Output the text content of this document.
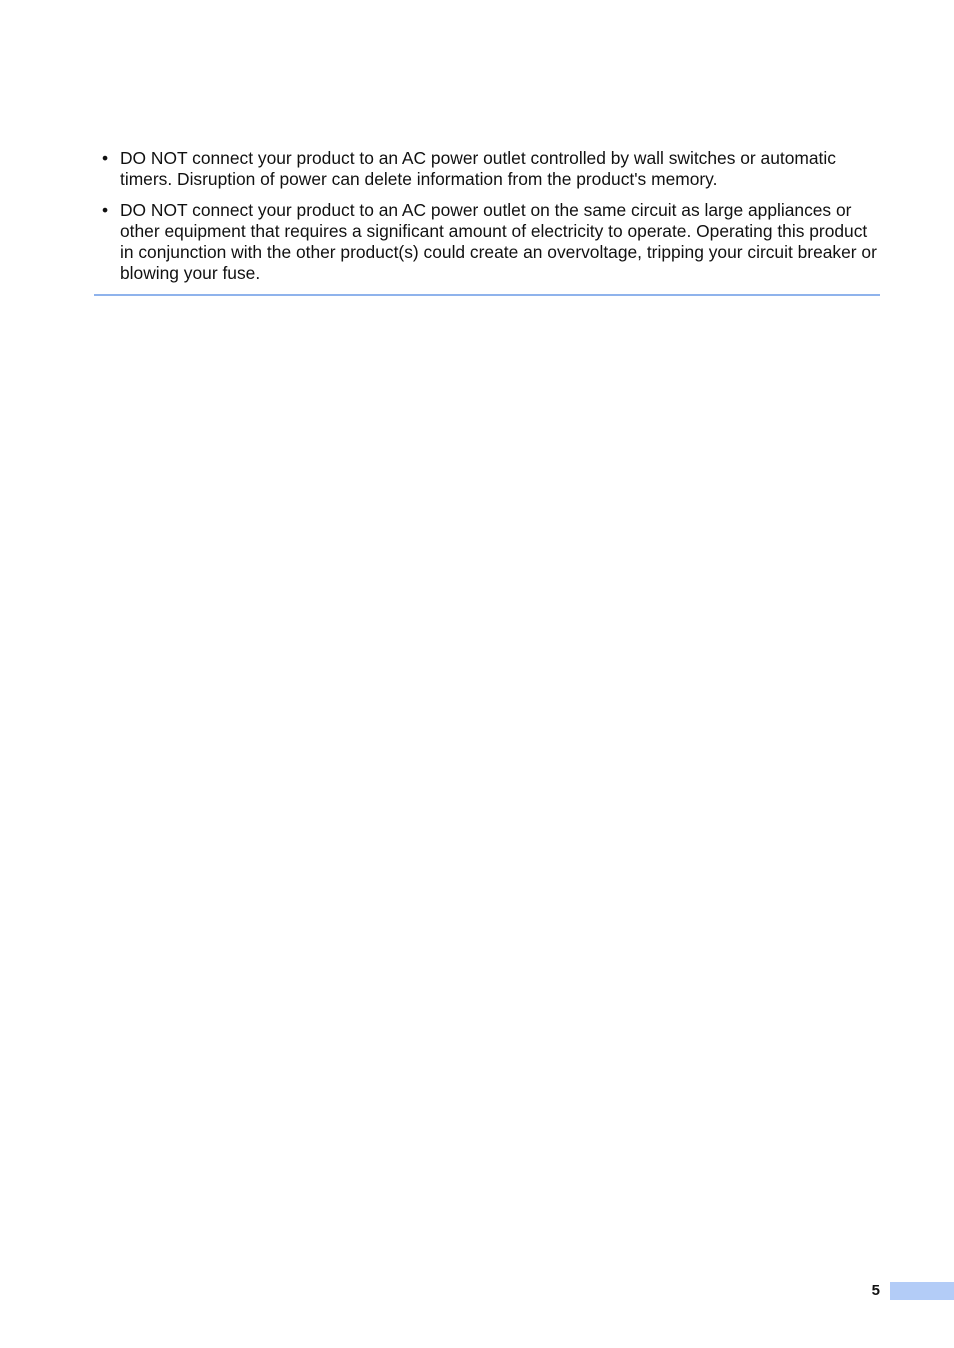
• DO NOT connect your product to an AC power outlet controlled by wall switches or automatic timers. Disruption of power can delete information from the product's memory.
• DO NOT connect your product to an AC power outlet on the same circuit as large appliances or other equipment that requires a significant amount of electricity to operate. Operating this product in conjunction with the other product(s) could create an overvoltage, tripping your circuit breaker or blowing your fuse.
5
